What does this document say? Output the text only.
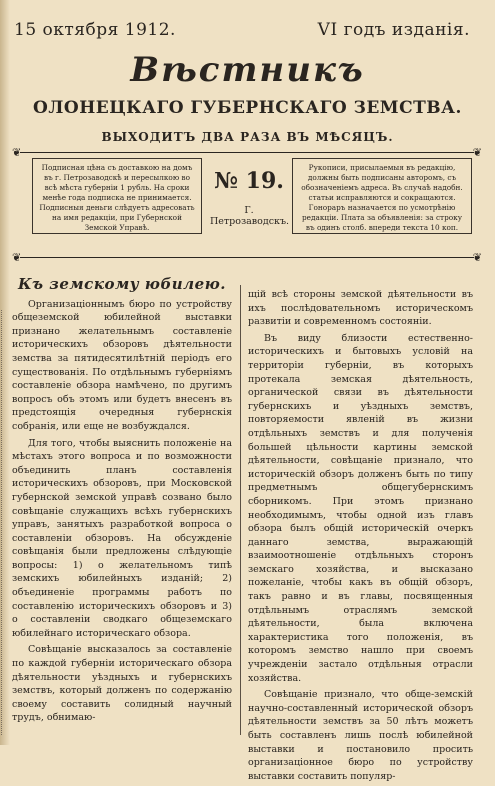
15 октября 1912.	VI годъ изданія.
Вѣстникъ
ОЛОНЕЦКАГО ГУБЕРНСКАГО ЗЕМСТВА.
ВЫХОДИТЪ ДВА РАЗА ВЪ МѢСЯЦЪ.
❦	❦
Подписная цѣна съ доставкою на домъ въ г. Петрозаводскѣ и пересылкою во всѣ мѣста губерніи 1 рубль. На сроки менѣе года подписка не принимается. Подписныя деньги слѣдуетъ адресовать на имя редакціи, при Губернской Земской Управѣ.
№ 19.
Г. Петрозаводскъ.
Рукописи, присылаемыя въ редакцію, должны быть подписаны авторомъ, съ обозначеніемъ адреса. Въ случаѣ надобн. статьи исправляются и сокращаются. Гонораръ назначается по усмотрѣнію редакціи. Плата за объявленія: за строку въ одинъ столб. впереди текста 10 коп.
❦	❦
Къ земскому юбилею.

Организаціоннымъ бюро по устройству общеземской юбилейной выставки признано желательнымъ составленіе историческихъ обзоровъ дѣятельности земства за пятидесятилѣтній періодъ его существованія. По отдѣльнымъ губерніямъ составленіе обзора намѣчено, по другимъ вопросъ объ этомъ или будетъ внесенъ въ предстоящія очередныя губернскія собранія, или еще не возбуждался.

Для того, чтобы выяснить положеніе на мѣстахъ этого вопроса и по возможности объединить планъ составленія историческихъ обзоровъ, при Московской губернской земской управѣ созвано было совѣщаніе служащихъ всѣхъ губернскихъ управъ, занятыхъ разработкой вопроса о составленіи обзоровъ. На обсужденіе совѣщанія были предложены слѣдующіе вопросы: 1) о желательномъ типѣ земскихъ юбилейныхъ изданій; 2) объединеніе программы работъ по составленію историческихъ обзоровъ и 3) о составленіи сводкаго общеземскаго юбилейнаго историческаго обзора.

Совѣщаніе высказалось за составленіе по каждой губерніи историческаго обзора дѣятельности уѣздныхъ и губернскихъ земствъ, который долженъ по содержанію своему составить солидный научный трудъ, обнимаю-

щій всѣ стороны земской дѣятельности въ ихъ послѣдовательномъ историческомъ развитіи и современномъ состояніи.

Въ виду близости естественно-историческихъ и бытовыхъ условій на территоріи губерніи, въ которыхъ протекала земская дѣятельность, органической связи въ дѣятельности губернскихъ и уѣздныхъ земствъ, повторяемости явленій въ жизни отдѣльныхъ земствъ и для полученія большей цѣльности картины земской дѣятельности, совѣщаніе признало, что историческій обзоръ долженъ быть по типу предметнымъ общегубернскимъ сборникомъ. При этомъ признано необходимымъ, чтобы одной изъ главъ обзора былъ общій историческій очеркъ даннаго земства, выражающій взаимоотношеніе отдѣльныхъ сторонъ земскаго хозяйства, и высказано пожеланіе, чтобы какъ въ общій обзоръ, такъ равно и въ главы, посвященныя отдѣльнымъ отраслямъ земской дѣятельности, была включена характеристика того положенія, въ которомъ земство нашло при своемъ учрежденіи застало отдѣльныя отрасли хозяйства.

Совѣщаніе признало, что обще-земскій научно-составленный исторической обзоръ дѣятельности земствъ за 50 лѣтъ можетъ быть составленъ лишь послѣ юбилейной выставки и постановило просить организаціонное бюро по устройству выставки составить популяр-
